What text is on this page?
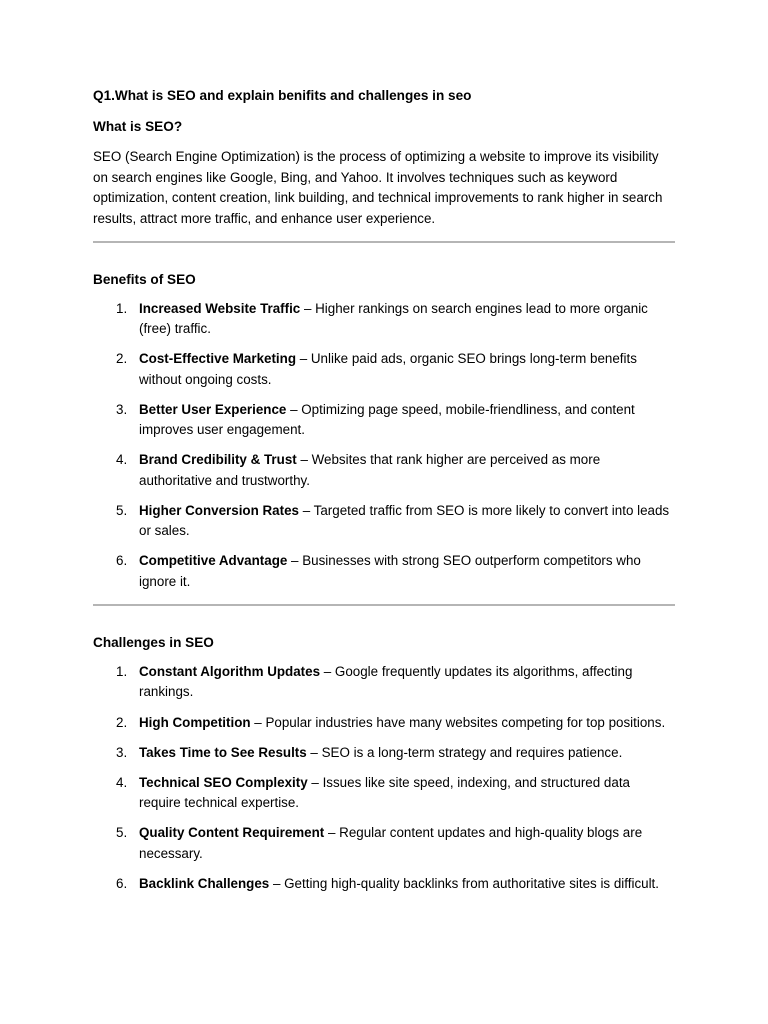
Q1.What is SEO and explain benifits and challenges in seo

What is SEO?

SEO (Search Engine Optimization) is the process of optimizing a website to improve its visibility on search engines like Google, Bing, and Yahoo. It involves techniques such as keyword optimization, content creation, link building, and technical improvements to rank higher in search results, attract more traffic, and enhance user experience.

Benefits of SEO

1. Increased Website Traffic – Higher rankings on search engines lead to more organic (free) traffic.
2. Cost-Effective Marketing – Unlike paid ads, organic SEO brings long-term benefits without ongoing costs.
3. Better User Experience – Optimizing page speed, mobile-friendliness, and content improves user engagement.
4. Brand Credibility & Trust – Websites that rank higher are perceived as more authoritative and trustworthy.
5. Higher Conversion Rates – Targeted traffic from SEO is more likely to convert into leads or sales.
6. Competitive Advantage – Businesses with strong SEO outperform competitors who ignore it.

Challenges in SEO

1. Constant Algorithm Updates – Google frequently updates its algorithms, affecting rankings.
2. High Competition – Popular industries have many websites competing for top positions.
3. Takes Time to See Results – SEO is a long-term strategy and requires patience.
4. Technical SEO Complexity – Issues like site speed, indexing, and structured data require technical expertise.
5. Quality Content Requirement – Regular content updates and high-quality blogs are necessary.
6. Backlink Challenges – Getting high-quality backlinks from authoritative sites is difficult.
